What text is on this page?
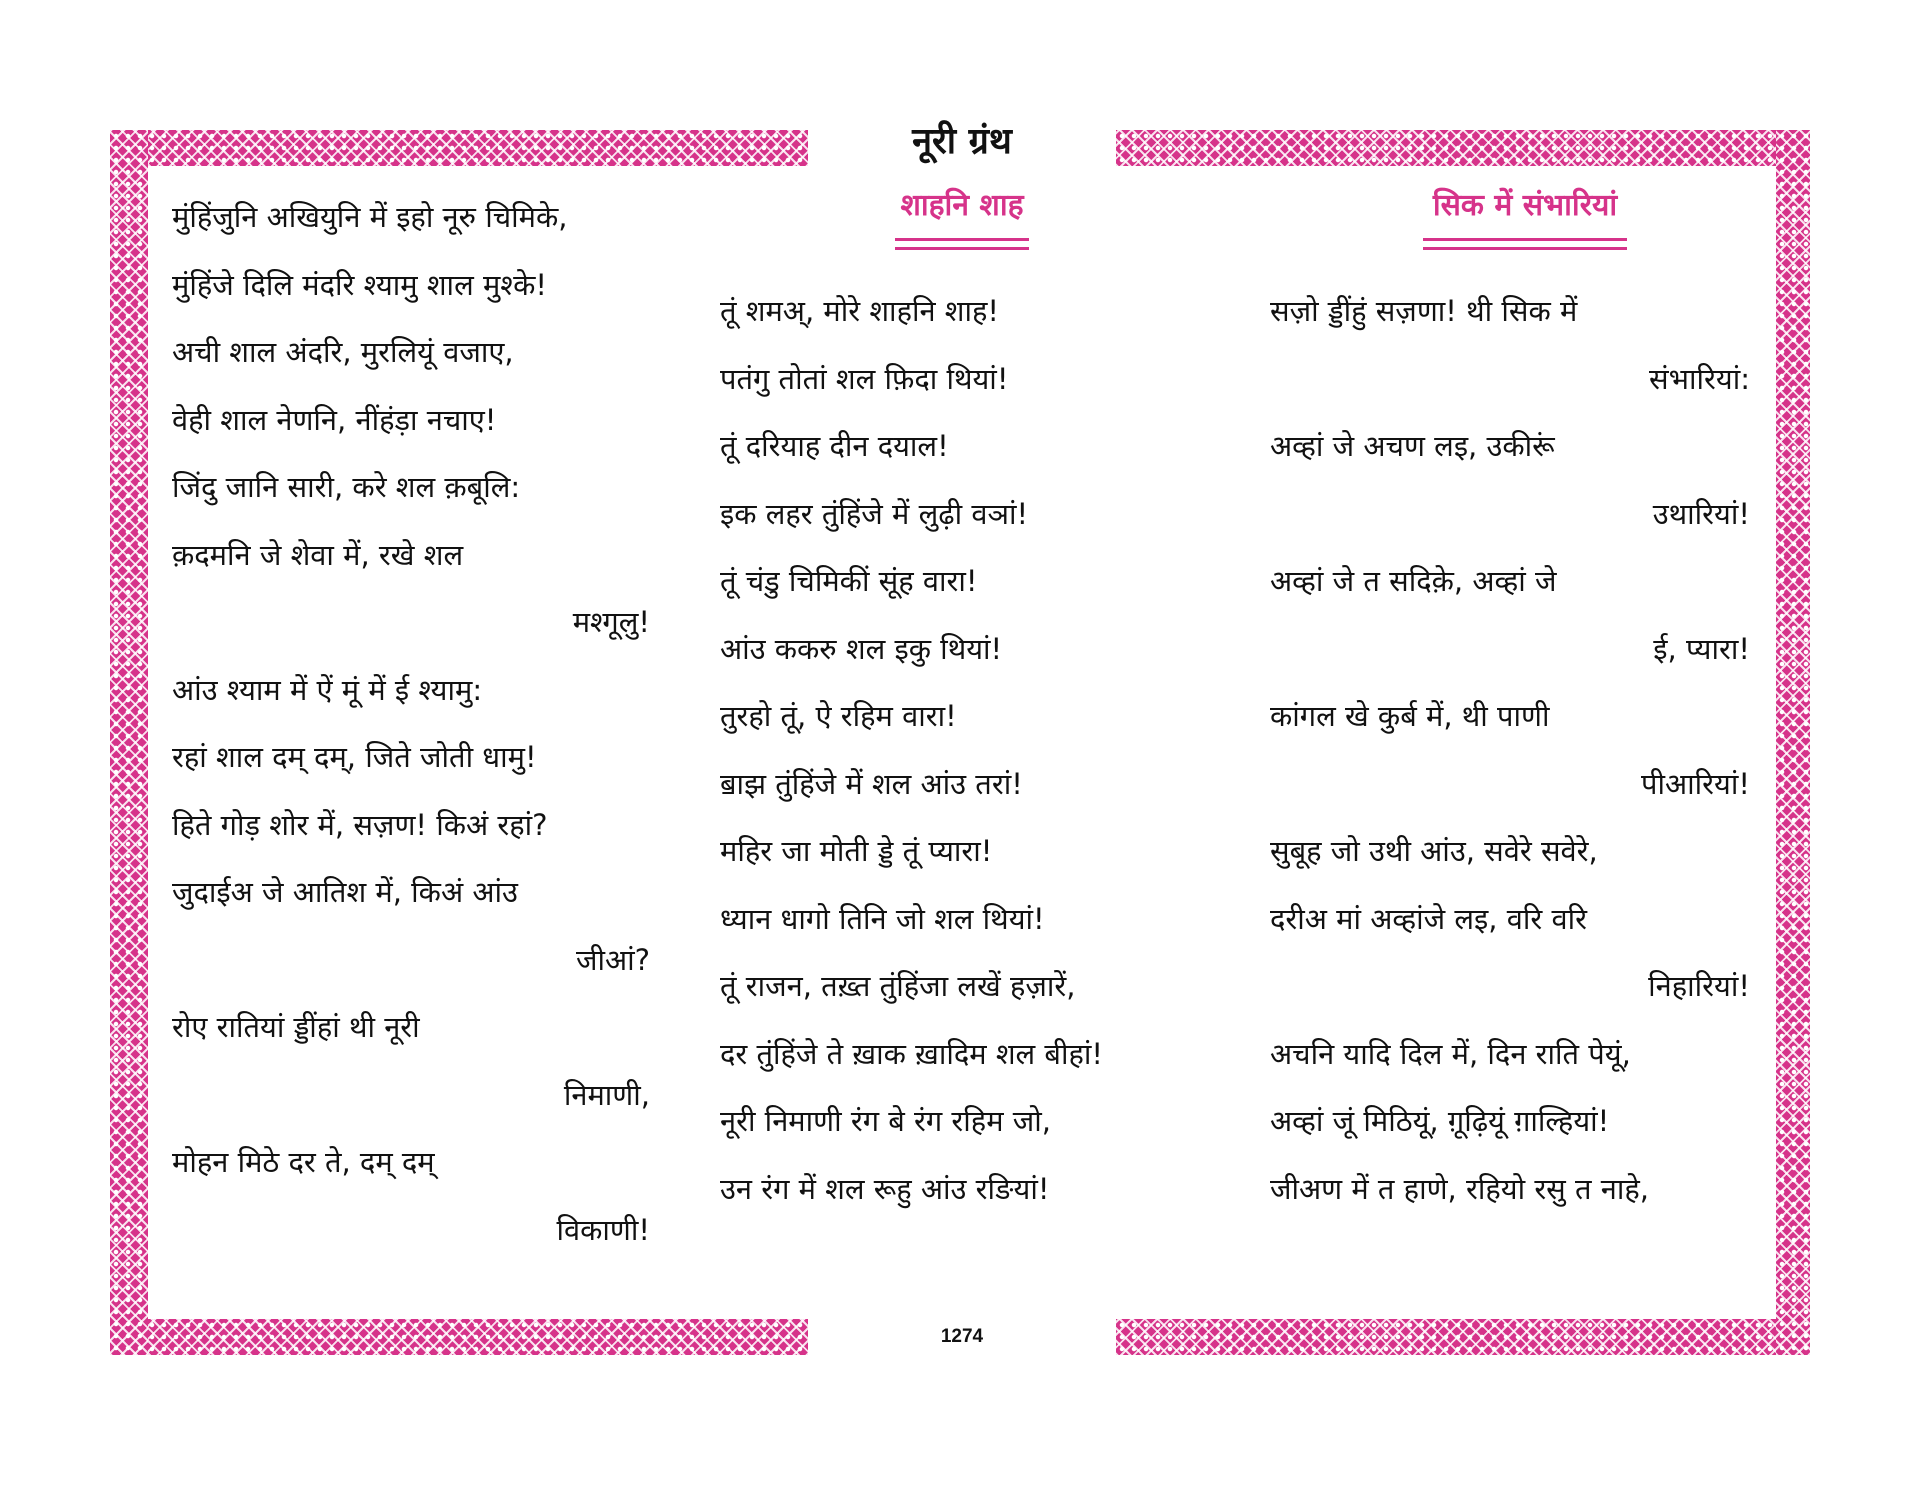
नूरी ग्रंथ
शाहनि शाह	सिक में संभारियां
मुंहिंजुनि अखियुनि में इहो नूरु चिमिके,
मुंहिंजे दिलि मंदरि श्यामु शाल मुश्के!
अची शाल अंदरि, मुरलियूं वजाए,
वेही शाल नेणनि, नींहंड़ा नचाए!
जिंदु जानि सारी, करे शल क़बूलि:
क़दमनि जे शेवा में, रखे शल
मश्गूलु!
आंउ श्याम में ऐं मूं में ई श्यामु:
रहां शाल दम् दम्, जिते जोती धामु!
हिते गोड़ शोर में, सज़ण! किअं रहां?
जुदाईअ जे आतिश में, किअं आंउ
जीआं?
रोए रातियां ड्डींहां थी नूरी
निमाणी,
मोहन मिठे दर ते, दम् दम्
विकाणी!
तूं शमअ्, मोरे शाहनि शाह!
पतंगु तोतां शल फ़िदा थियां!
तूं दरियाह दीन दयाल!
इक लहर तुंहिंजे में लुढ़ी वञां!
तूं चंडु चिमिकीं सूंह वारा!
आंउ ककरु शल इकु थियां!
तुरहो तूं, ऐ रहिम वारा!
ॿाझ तुंहिंजे में शल आंउ तरां!
महिर जा मोती ड्डे तूं प्यारा!
ध्यान धागो तिनि जो शल थियां!
तूं राजन, तख़्त तुंहिंजा लखें हज़ारें,
दर तुंहिंजे ते ख़ाक ख़ादिम शल बीहां!
नूरी निमाणी रंग बे रंग रहिम जो,
उन रंग में शल रूहु आंउ रङियां!
सज़ो ड्डींहुं सज़णा! थी सिक में
संभारियां:
अव्हां जे अचण लइ, उकीरूं
उथारियां!
अव्हां जे त सदिक़े, अव्हां जे
ई, प्यारा!
कांगल खे कुर्ब में, थी पाणी
पीआरियां!
सुबूह जो उथी आंउ, सवेरे सवेरे,
दरीअ मां अव्हांजे लइ, वरि वरि
निहारियां!
अचनि यादि दिल में, दिन राति पेयूं,
अव्हां जूं मिठियूं, ग़ूढ़ियूं ग़ाल्हियां!
जीअण में त हाणे, रहियो रसु त नाहे,
1274
